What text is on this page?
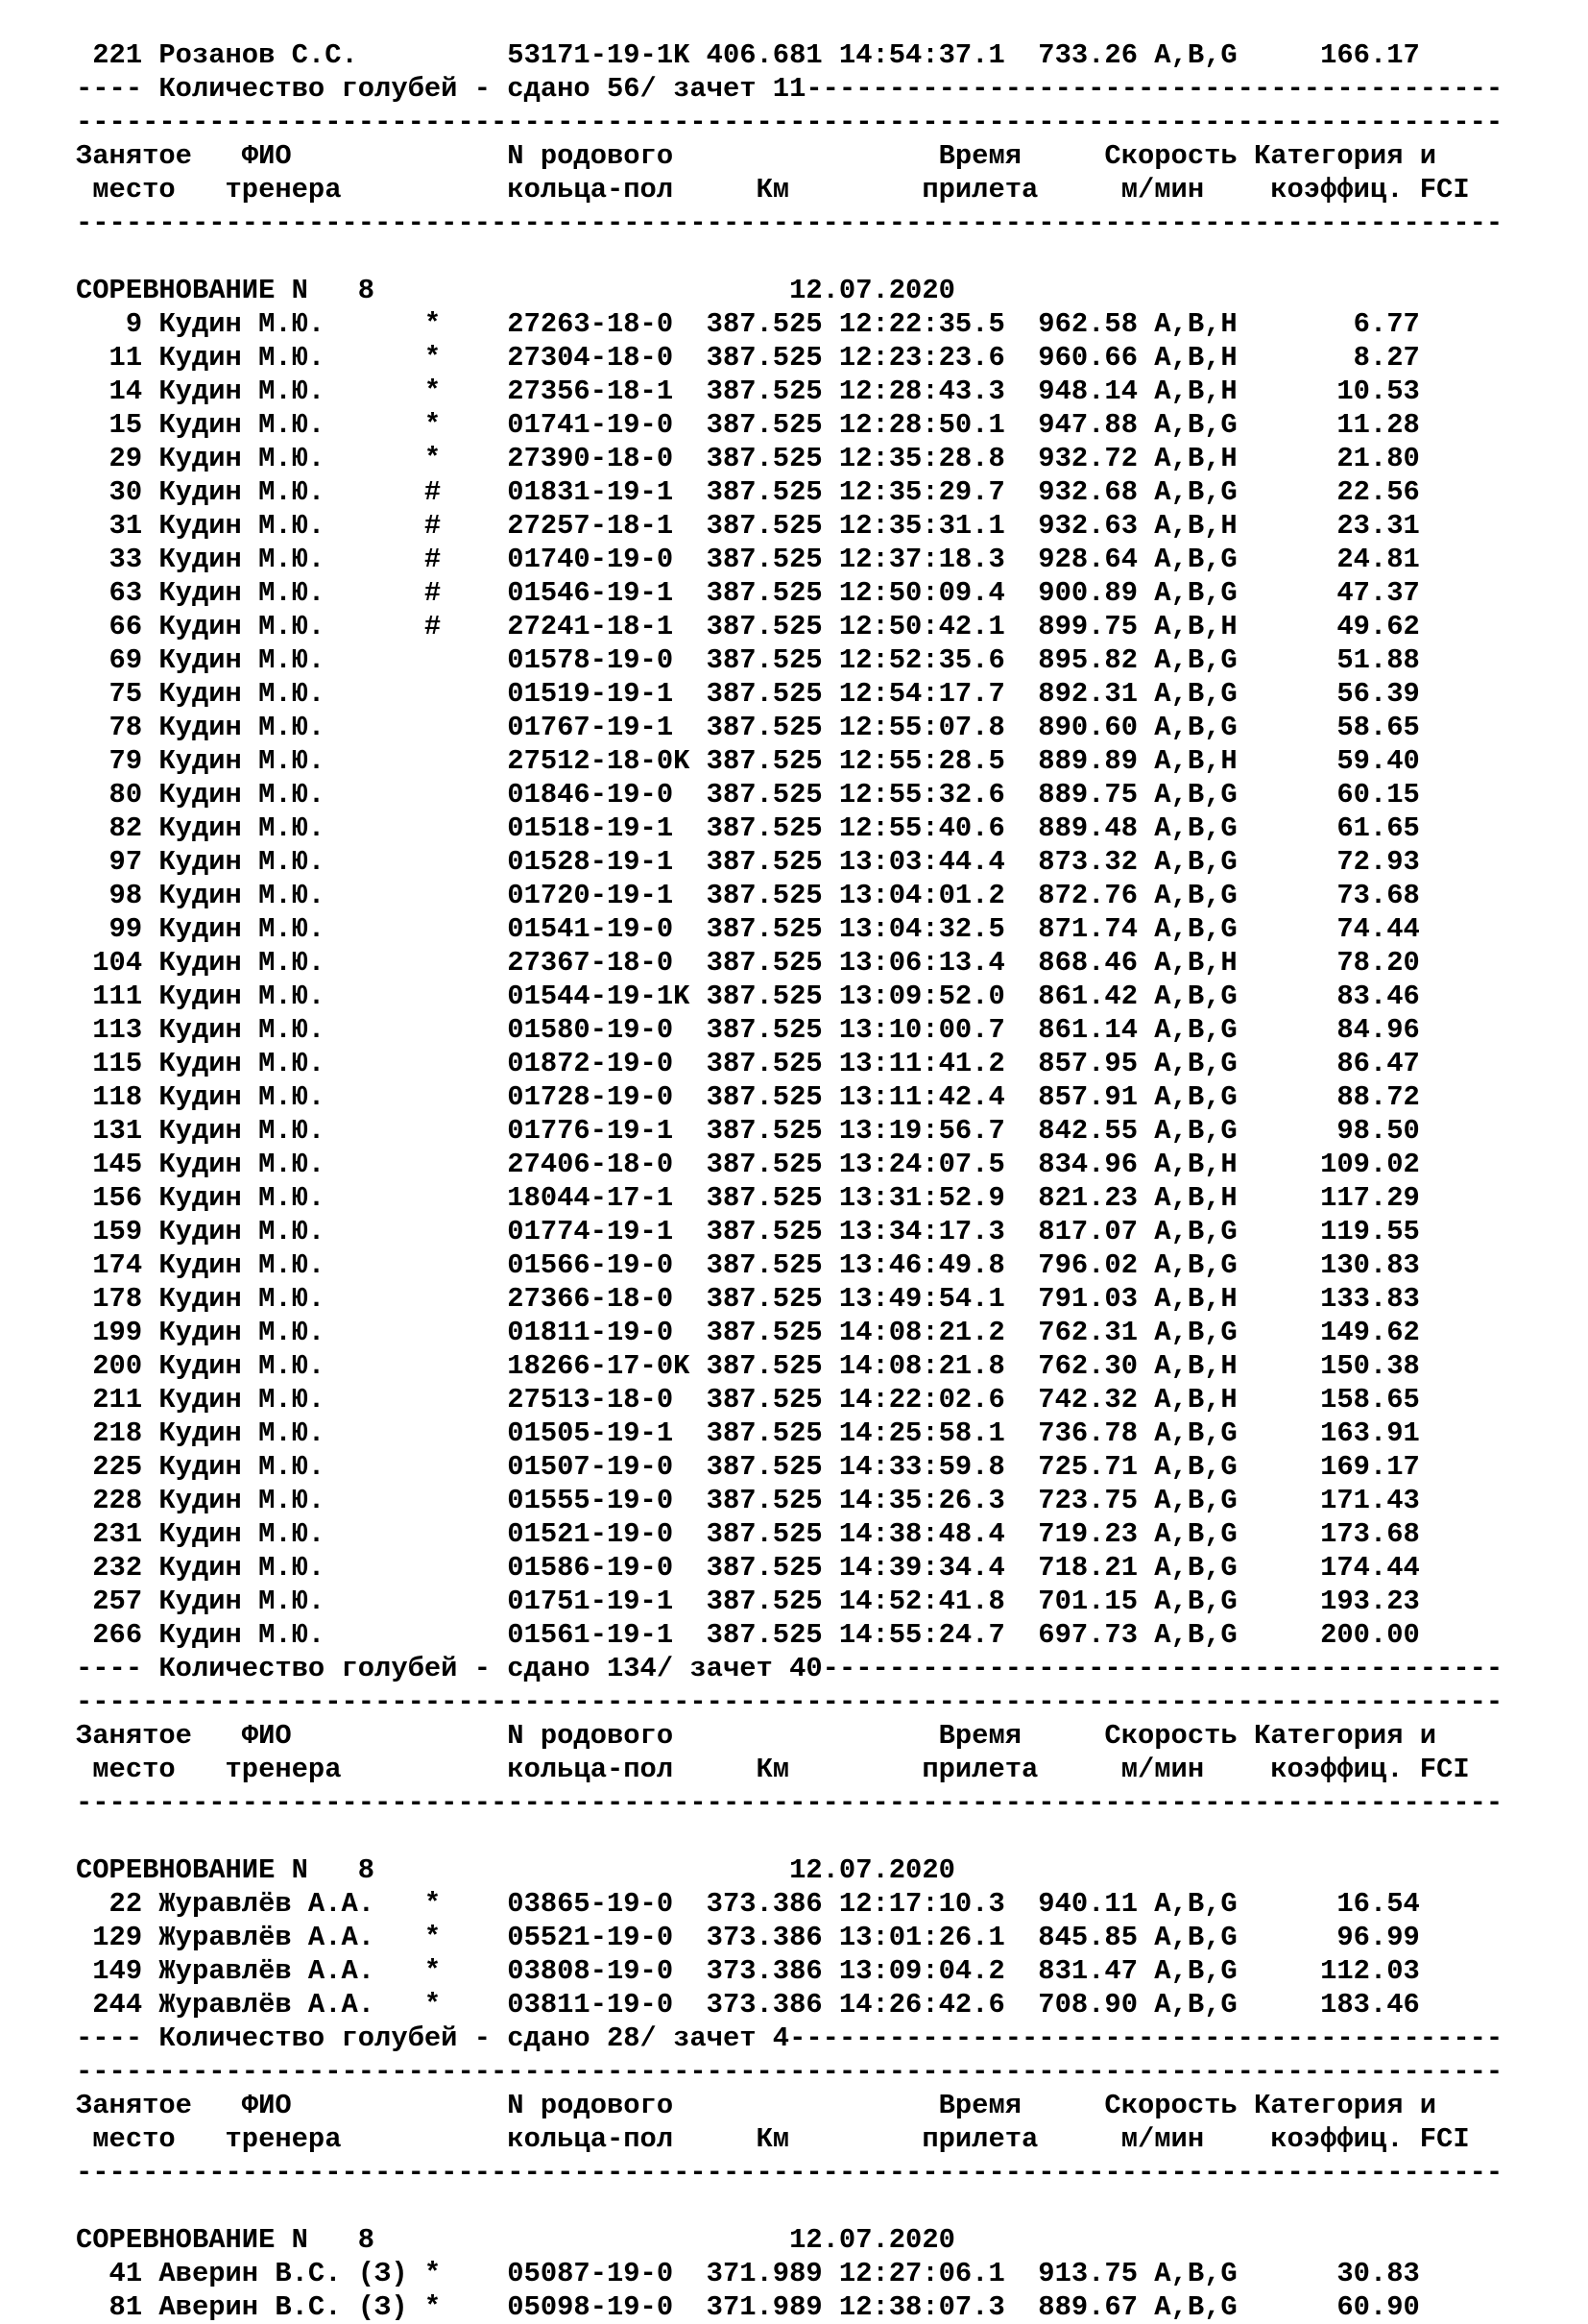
221 Розанов С.С.         53171-19-1K 406.681 14:54:37.1  733.26 A,B,G     166.17
---- Количество голубей - сдано 56/ зачет 11------------------------------------------
--------------------------------------------------------------------------------------
Занятое   ФИО             N родового                Время     Скорость Категория и
место   тренера          кольца-пол     Км        прилета     м/мин    коэффиц. FCI
--------------------------------------------------------------------------------------
СОРЕВНОВАНИЕ N   8                         12.07.2020
9 Кудин М.Ю.      *    27263-18-0  387.525 12:22:35.5  962.58 A,B,H       6.77
11 Кудин М.Ю.      *    27304-18-0  387.525 12:23:23.6  960.66 A,B,H       8.27
14 Кудин М.Ю.      *    27356-18-1  387.525 12:28:43.3  948.14 A,B,H      10.53
15 Кудин М.Ю.      *    01741-19-0  387.525 12:28:50.1  947.88 A,B,G      11.28
29 Кудин М.Ю.      *    27390-18-0  387.525 12:35:28.8  932.72 A,B,H      21.80
30 Кудин М.Ю.      #    01831-19-1  387.525 12:35:29.7  932.68 A,B,G      22.56
31 Кудин М.Ю.      #    27257-18-1  387.525 12:35:31.1  932.63 A,B,H      23.31
33 Кудин М.Ю.      #    01740-19-0  387.525 12:37:18.3  928.64 A,B,G      24.81
63 Кудин М.Ю.      #    01546-19-1  387.525 12:50:09.4  900.89 A,B,G      47.37
66 Кудин М.Ю.      #    27241-18-1  387.525 12:50:42.1  899.75 A,B,H      49.62
69 Кудин М.Ю.           01578-19-0  387.525 12:52:35.6  895.82 A,B,G      51.88
75 Кудин М.Ю.           01519-19-1  387.525 12:54:17.7  892.31 A,B,G      56.39
78 Кудин М.Ю.           01767-19-1  387.525 12:55:07.8  890.60 A,B,G      58.65
79 Кудин М.Ю.           27512-18-0K 387.525 12:55:28.5  889.89 A,B,H      59.40
80 Кудин М.Ю.           01846-19-0  387.525 12:55:32.6  889.75 A,B,G      60.15
82 Кудин М.Ю.           01518-19-1  387.525 12:55:40.6  889.48 A,B,G      61.65
97 Кудин М.Ю.           01528-19-1  387.525 13:03:44.4  873.32 A,B,G      72.93
98 Кудин М.Ю.           01720-19-1  387.525 13:04:01.2  872.76 A,B,G      73.68
99 Кудин М.Ю.           01541-19-0  387.525 13:04:32.5  871.74 A,B,G      74.44
104 Кудин М.Ю.           27367-18-0  387.525 13:06:13.4  868.46 A,B,H      78.20
111 Кудин М.Ю.           01544-19-1K 387.525 13:09:52.0  861.42 A,B,G      83.46
113 Кудин М.Ю.           01580-19-0  387.525 13:10:00.7  861.14 A,B,G      84.96
115 Кудин М.Ю.           01872-19-0  387.525 13:11:41.2  857.95 A,B,G      86.47
118 Кудин М.Ю.           01728-19-0  387.525 13:11:42.4  857.91 A,B,G      88.72
131 Кудин М.Ю.           01776-19-1  387.525 13:19:56.7  842.55 A,B,G      98.50
145 Кудин М.Ю.           27406-18-0  387.525 13:24:07.5  834.96 A,B,H     109.02
156 Кудин М.Ю.           18044-17-1  387.525 13:31:52.9  821.23 A,B,H     117.29
159 Кудин М.Ю.           01774-19-1  387.525 13:34:17.3  817.07 A,B,G     119.55
174 Кудин М.Ю.           01566-19-0  387.525 13:46:49.8  796.02 A,B,G     130.83
178 Кудин М.Ю.           27366-18-0  387.525 13:49:54.1  791.03 A,B,H     133.83
199 Кудин М.Ю.           01811-19-0  387.525 14:08:21.2  762.31 A,B,G     149.62
200 Кудин М.Ю.           18266-17-0K 387.525 14:08:21.8  762.30 A,B,H     150.38
211 Кудин М.Ю.           27513-18-0  387.525 14:22:02.6  742.32 A,B,H     158.65
218 Кудин М.Ю.           01505-19-1  387.525 14:25:58.1  736.78 A,B,G     163.91
225 Кудин М.Ю.           01507-19-0  387.525 14:33:59.8  725.71 A,B,G     169.17
228 Кудин М.Ю.           01555-19-0  387.525 14:35:26.3  723.75 A,B,G     171.43
231 Кудин М.Ю.           01521-19-0  387.525 14:38:48.4  719.23 A,B,G     173.68
232 Кудин М.Ю.           01586-19-0  387.525 14:39:34.4  718.21 A,B,G     174.44
257 Кудин М.Ю.           01751-19-1  387.525 14:52:41.8  701.15 A,B,G     193.23
266 Кудин М.Ю.           01561-19-1  387.525 14:55:24.7  697.73 A,B,G     200.00
---- Количество голубей - сдано 134/ зачет 40-----------------------------------------
--------------------------------------------------------------------------------------
Занятое   ФИО             N родового                Время     Скорость Категория и
место   тренера          кольца-пол     Км        прилета     м/мин    коэффиц. FCI
--------------------------------------------------------------------------------------
СОРЕВНОВАНИЕ N   8                         12.07.2020
22 Журавлёв А.А.   *    03865-19-0  373.386 12:17:10.3  940.11 A,B,G      16.54
129 Журавлёв А.А.   *    05521-19-0  373.386 13:01:26.1  845.85 A,B,G      96.99
149 Журавлёв А.А.   *    03808-19-0  373.386 13:09:04.2  831.47 A,B,G     112.03
244 Журавлёв А.А.   *    03811-19-0  373.386 14:26:42.6  708.90 A,B,G     183.46
---- Количество голубей - сдано 28/ зачет 4-------------------------------------------
--------------------------------------------------------------------------------------
Занятое   ФИО             N родового                Время     Скорость Категория и
место   тренера          кольца-пол     Км        прилета     м/мин    коэффиц. FCI
--------------------------------------------------------------------------------------
СОРЕВНОВАНИЕ N   8                         12.07.2020
41 Аверин В.С. (З) *    05087-19-0  371.989 12:27:06.1  913.75 A,B,G      30.83
81 Аверин В.С. (З) *    05098-19-0  371.989 12:38:07.3  889.67 A,B,G      60.90
